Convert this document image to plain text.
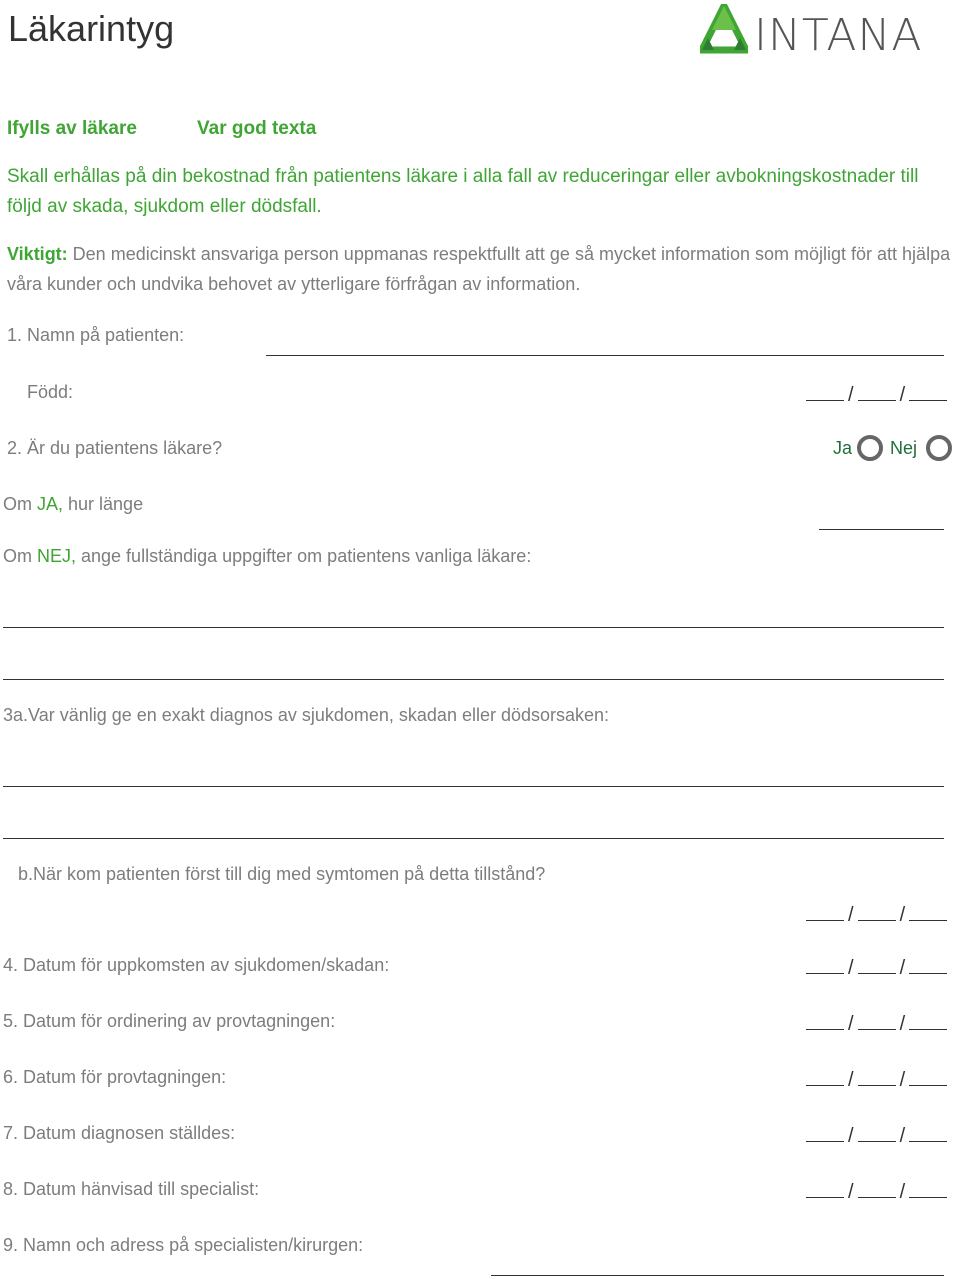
Läkarintyg	INTANA
Ifylls av läkare	Var god texta
Skall erhållas på din bekostnad från patientens läkare i alla fall av reduceringar eller avbokningskostnader till följd av skada, sjukdom eller dödsfall.
Viktigt: Den medicinskt ansvariga person uppmanas respektfullt att ge så mycket information som möjligt för att hjälpa våra kunder och undvika behovet av ytterligare förfrågan av information.
1. Namn på patienten:
Född:	/ /
2. Är du patientens läkare?	Ja Nej
Om JA, hur länge
Om NEJ, ange fullständiga uppgifter om patientens vanliga läkare:
3a.Var vänlig ge en exakt diagnos av sjukdomen, skadan eller dödsorsaken:
b.När kom patienten först till dig med symtomen på detta tillstånd?
/ /
4. Datum för uppkomsten av sjukdomen/skadan:	/ /
5. Datum för ordinering av provtagningen:	/ /
6. Datum för provtagningen:	/ /
7. Datum diagnosen ställdes:	/ /
8. Datum hänvisad till specialist:	/ /
9. Namn och adress på specialisten/kirurgen:
